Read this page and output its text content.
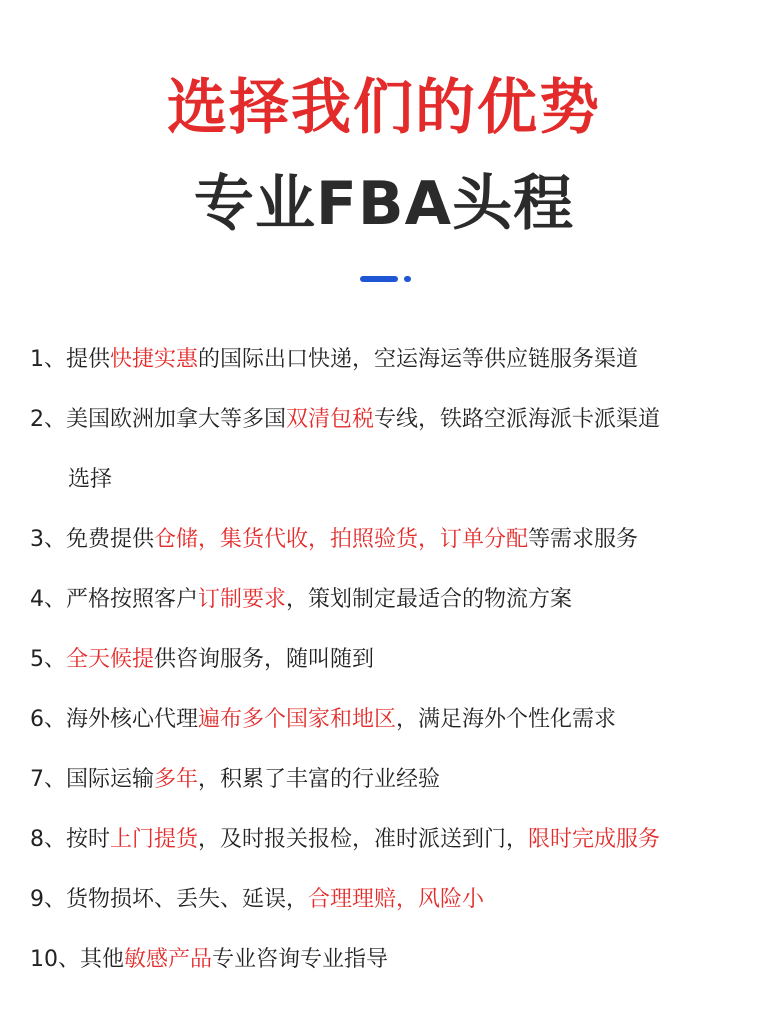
选择我们的优势
专业FBA头程
1、提供快捷实惠的国际出口快递，空运海运等供应链服务渠道
2、美国欧洲加拿大等多国双清包税专线，铁路空派海派卡派渠道
选择
3、免费提供仓储，集货代收，拍照验货，订单分配等需求服务
4、严格按照客户订制要求，策划制定最适合的物流方案
5、全天候提供咨询服务，随叫随到
6、海外核心代理遍布多个国家和地区，满足海外个性化需求
7、国际运输多年，积累了丰富的行业经验
8、按时上门提货，及时报关报检，准时派送到门，限时完成服务
9、货物损坏、丢失、延误，合理理赔，风险小
10、其他敏感产品专业咨询专业指导
